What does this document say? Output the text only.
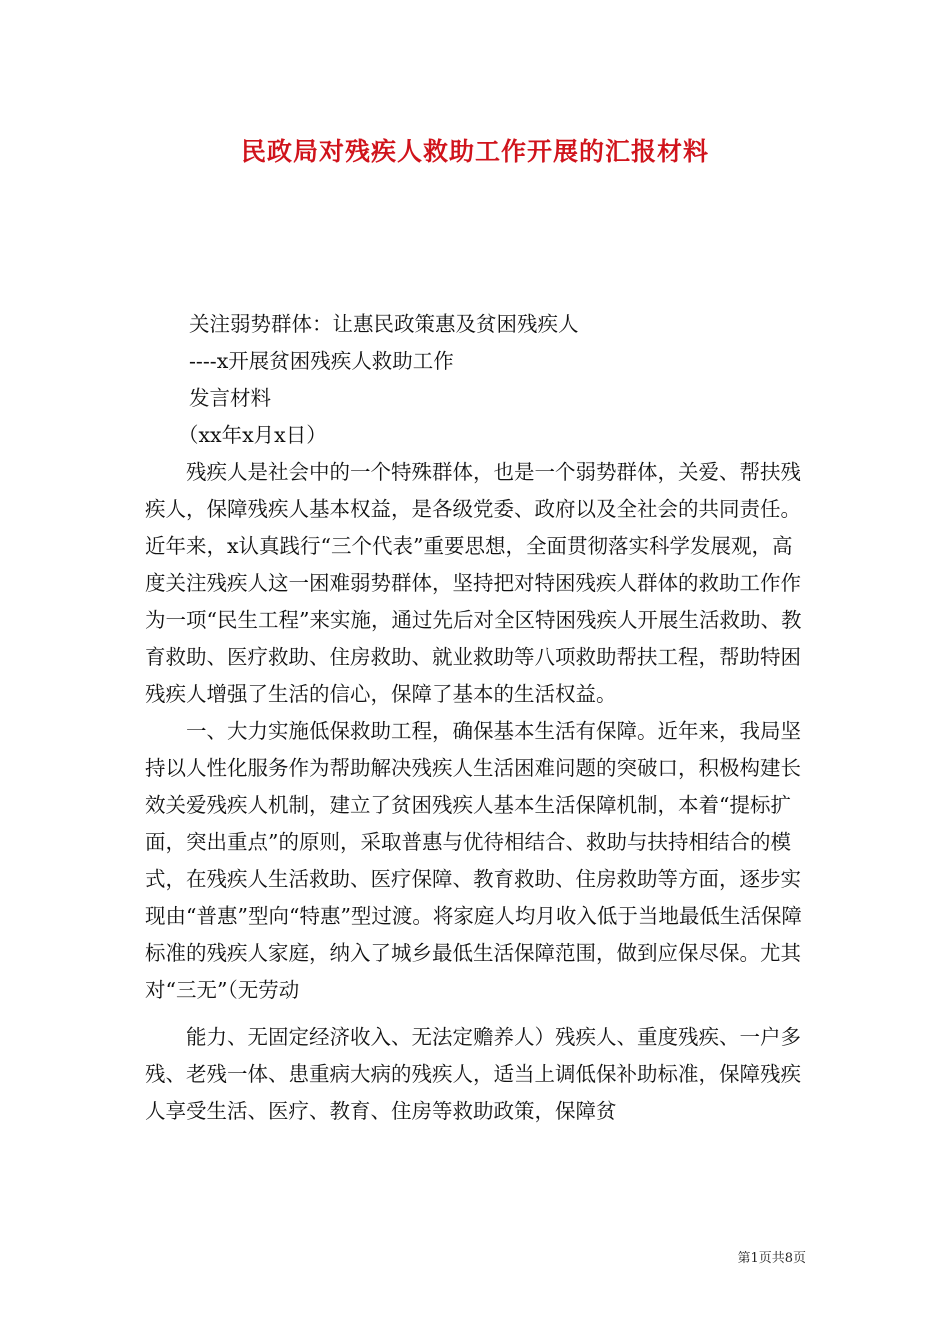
民政局对残疾人救助工作开展的汇报材料

关注弱势群体：让惠民政策惠及贫困残疾人

----x开展贫困残疾人救助工作

发言材料

（xx年x月x日）

残疾人是社会中的一个特殊群体，也是一个弱势群体，关爱、帮扶残疾人，保障残疾人基本权益，是各级党委、政府以及全社会的共同责任。近年来，x认真践行“三个代表”重要思想，全面贯彻落实科学发展观，高度关注残疾人这一困难弱势群体，坚持把对特困残疾人群体的救助工作作为一项“民生工程”来实施，通过先后对全区特困残疾人开展生活救助、教育救助、医疗救助、住房救助、就业救助等八项救助帮扶工程，帮助特困残疾人增强了生活的信心，保障了基本的生活权益。

一、大力实施低保救助工程，确保基本生活有保障。近年来，我局坚持以人性化服务作为帮助解决残疾人生活困难问题的突破口，积极构建长效关爱残疾人机制，建立了贫困残疾人基本生活保障机制，本着“提标扩面，突出重点”的原则，采取普惠与优待相结合、救助与扶持相结合的模式，在残疾人生活救助、医疗保障、教育救助、住房救助等方面，逐步实现由“普惠”型向“特惠”型过渡。将家庭人均月收入低于当地最低生活保障标准的残疾人家庭，纳入了城乡最低生活保障范围，做到应保尽保。尤其对“三无”（无劳动

能力、无固定经济收入、无法定赡养人）残疾人、重度残疾、一户多残、老残一体、患重病大病的残疾人，适当上调低保补助标准，保障残疾人享受生活、医疗、教育、住房等救助政策，保障贫

第1页共8页
